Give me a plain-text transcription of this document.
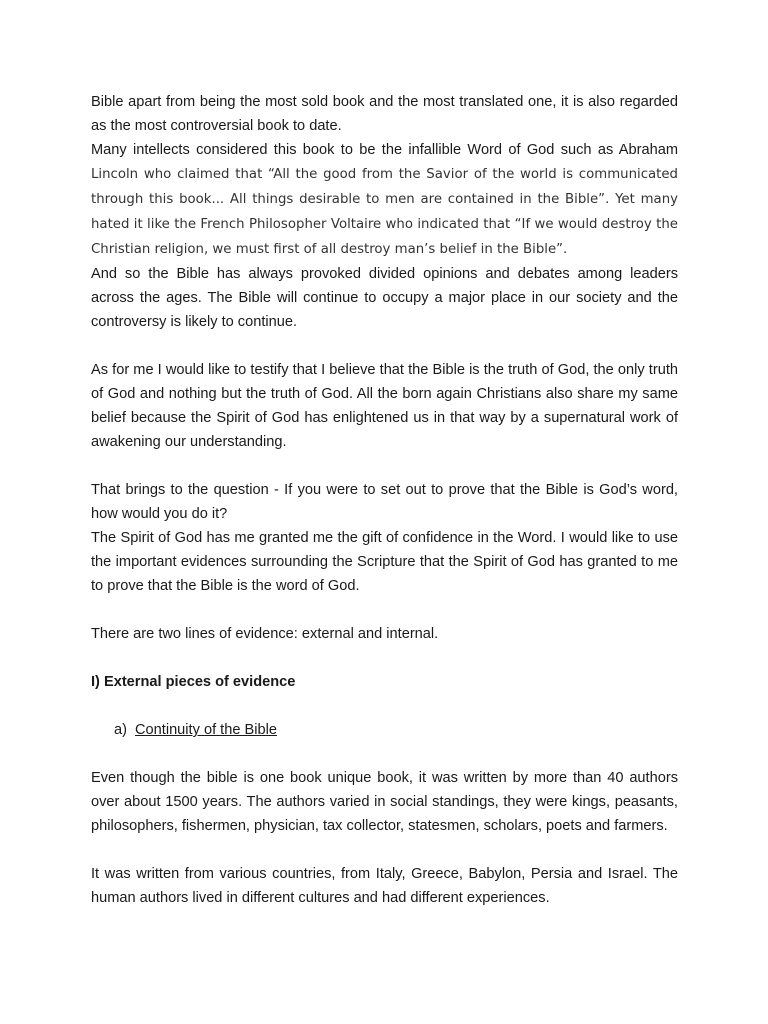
Bible apart from being the most sold book and the most translated one, it is also regarded as the most controversial book to date.

Many intellects considered this book to be the infallible Word of God such as Abraham Lincoln who claimed that “All the good from the Savior of the world is communicated through this book... All things desirable to men are contained in the Bible”. Yet many hated it like the French Philosopher Voltaire who indicated that “If we would destroy the Christian religion, we must first of all destroy man’s belief in the Bible”.

And so the Bible has always provoked divided opinions and debates among leaders across the ages. The Bible will continue to occupy a major place in our society and the controversy is likely to continue.

As for me I would like to testify that I believe that the Bible is the truth of God, the only truth of God and nothing but the truth of God. All the born again Christians also share my same belief because the Spirit of God has enlightened us in that way by a supernatural work of awakening our understanding.

That brings to the question - If you were to set out to prove that the Bible is God’s word, how would you do it?

The Spirit of God has me granted me the gift of confidence in the Word. I would like to use the important evidences surrounding the Scripture that the Spirit of God has granted to me to prove that the Bible is the word of God.

There are two lines of evidence: external and internal.

I) External pieces of evidence

a) Continuity of the Bible

Even though the bible is one book unique book, it was written by more than 40 authors over about 1500 years. The authors varied in social standings, they were kings, peasants, philosophers, fishermen, physician, tax collector, statesmen, scholars, poets and farmers.

It was written from various countries, from Italy, Greece, Babylon, Persia and Israel. The human authors lived in different cultures and had different experiences.
